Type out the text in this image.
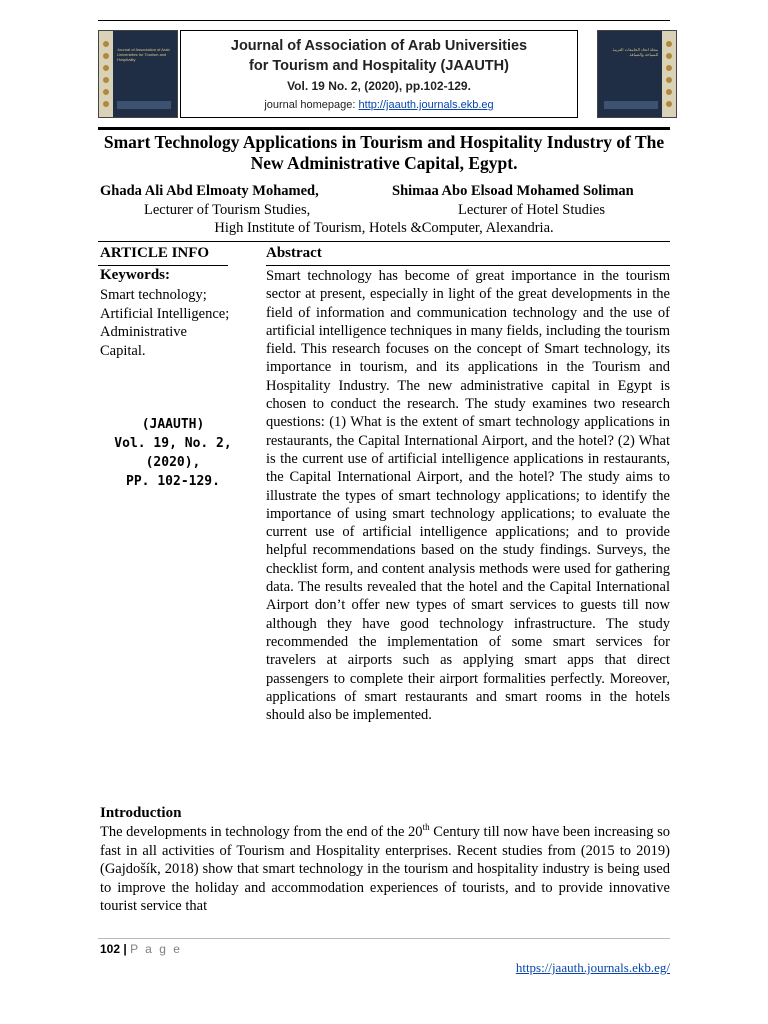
Journal of Association of Arab Universities for Tourism and Hospitality
Journal of Association of Arab Universities
for Tourism and Hospitality (JAAUTH)
Vol. 19 No. 2, (2020), pp.102-129.
journal homepage: http://jaauth.journals.ekb.eg
مجلة اتحاد الجامعات العربية للسياحة والضيافة
Smart Technology Applications in Tourism and Hospitality Industry of The New Administrative Capital, Egypt.
Ghada Ali Abd Elmoaty Mohamed,	Shimaa Abo Elsoad Mohamed Soliman
Lecturer of Tourism Studies,	Lecturer of Hotel Studies
High Institute of Tourism, Hotels &Computer, Alexandria.
ARTICLE INFO	Abstract
Keywords:
Smart technology;
Artificial Intelligence;
Administrative
Capital.
(JAAUTH)
Vol. 19, No. 2,
(2020),
PP. 102-129.

Smart technology has become of great importance in the tourism sector at present, especially in light of the great developments in the field of information and communication technology and the use of artificial intelligence techniques in many fields, including the tourism field. This research focuses on the concept of Smart technology, its importance in tourism, and its applications in the Tourism and Hospitality Industry. The new administrative capital in Egypt is chosen to conduct the research. The study examines two research questions: (1) What is the extent of smart technology applications in restaurants, the Capital International Airport, and the hotel? (2) What is the current use of artificial intelligence applications in restaurants, the Capital International Airport, and the hotel? The study aims to illustrate the types of smart technology applications; to identify the importance of using smart technology applications; to evaluate the current use of artificial intelligence applications; and to provide helpful recommendations based on the study findings. Surveys, the checklist form, and content analysis methods were used for gathering data. The results revealed that the hotel and the Capital International Airport don’t offer new types of smart services to guests till now although they have good technology infrastructure. The study recommended the implementation of some smart services for travelers at airports such as applying smart apps that direct passengers to complete their airport formalities perfectly. Moreover, applications of smart restaurants and smart rooms in the hotels should also be implemented.

Introduction

The developments in technology from the end of the 20th Century till now have been increasing so fast in all activities of Tourism and Hospitality enterprises. Recent studies from (2015 to 2019) (Gajdošík, 2018) show that smart technology in the tourism and hospitality industry is being used to improve the holiday and accommodation experiences of tourists, and to provide innovative tourist service that

102 | P a g e
https://jaauth.journals.ekb.eg/
